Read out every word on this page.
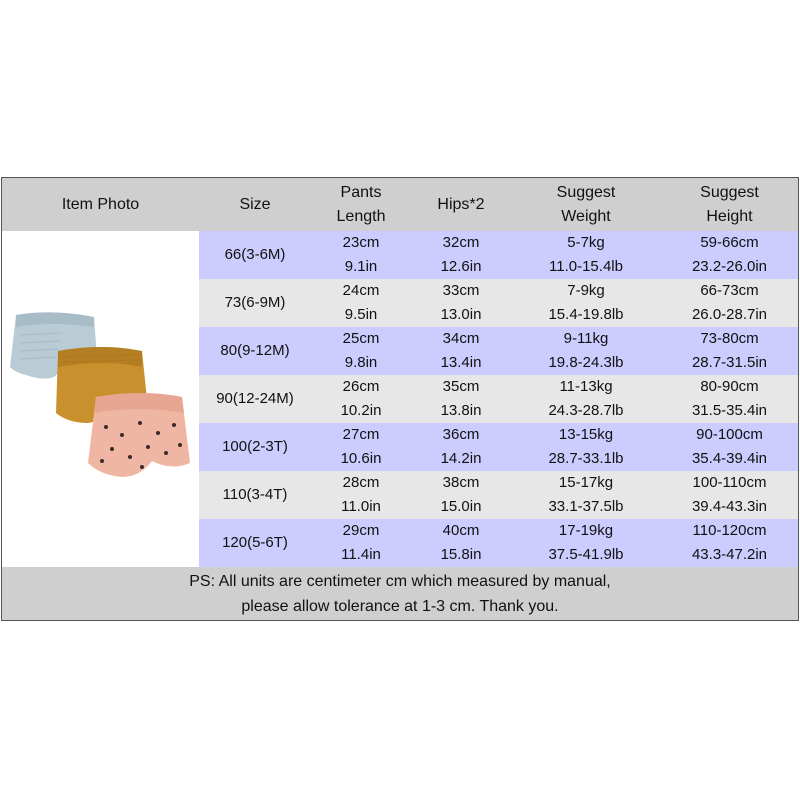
Item Photo	Size
Pants
Length
Hips*2
Suggest
Weight
Suggest
Height
66(3-6M)
23cm
9.1in
32cm
12.6in
5-7kg
11.0-15.4lb
59-66cm
23.2-26.0in
73(6-9M)
24cm
9.5in
33cm
13.0in
7-9kg
15.4-19.8lb
66-73cm
26.0-28.7in
80(9-12M)
25cm
9.8in
34cm
13.4in
9-11kg
19.8-24.3lb
73-80cm
28.7-31.5in
90(12-24M)
26cm
10.2in
35cm
13.8in
11-13kg
24.3-28.7lb
80-90cm
31.5-35.4in
100(2-3T)
27cm
10.6in
36cm
14.2in
13-15kg
28.7-33.1lb
90-100cm
35.4-39.4in
110(3-4T)
28cm
11.0in
38cm
15.0in
15-17kg
33.1-37.5lb
100-110cm
39.4-43.3in
120(5-6T)
29cm
11.4in
40cm
15.8in
17-19kg
37.5-41.9lb
110-120cm
43.3-47.2in
PS: All units are centimeter cm which measured by manual,
please allow tolerance at 1-3 cm. Thank you.
